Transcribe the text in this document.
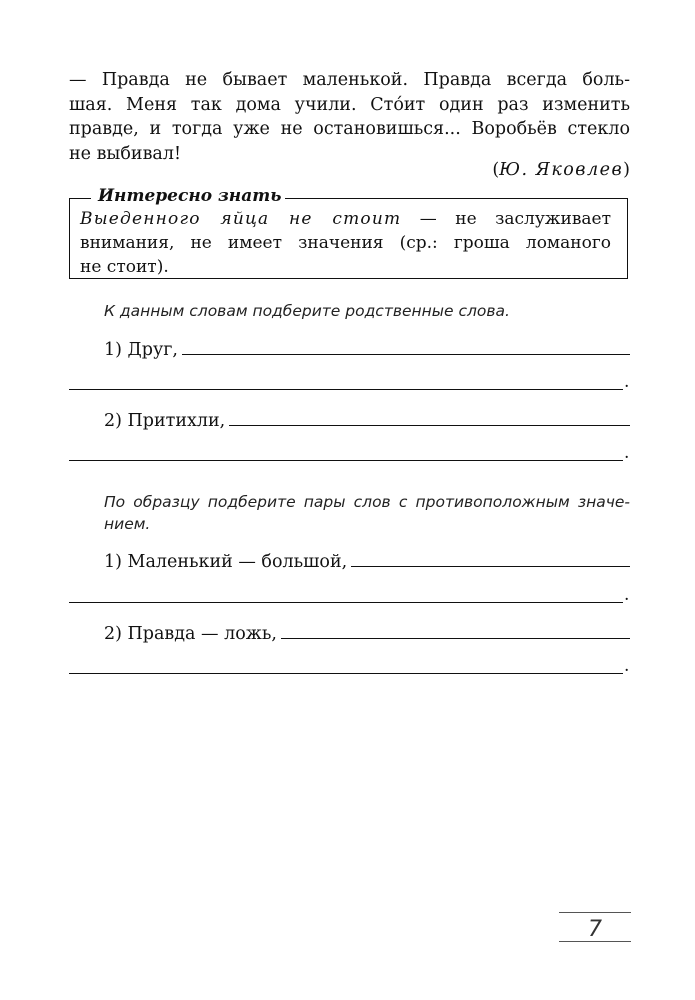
— Правда не бывает маленькой. Правда всегда боль-
шая. Меня так дома учили. Сто́ит один раз изменить
правде, и тогда уже не остановишься... Воробьёв стекло
не выбивал!

(Ю. Яковлев)
Интересно знать
Выеденного яйца не стоит — не заслуживает
внимания, не имеет значения (ср.: гроша ломаного
не стоит).
К данным словам подберите родственные слова.
1) Друг,
.
2) Притихли,
.
По образцу подберите пары слов с противоположным значе-
нием.
1) Маленький — большой,
.
2) Правда — ложь,
.
7
